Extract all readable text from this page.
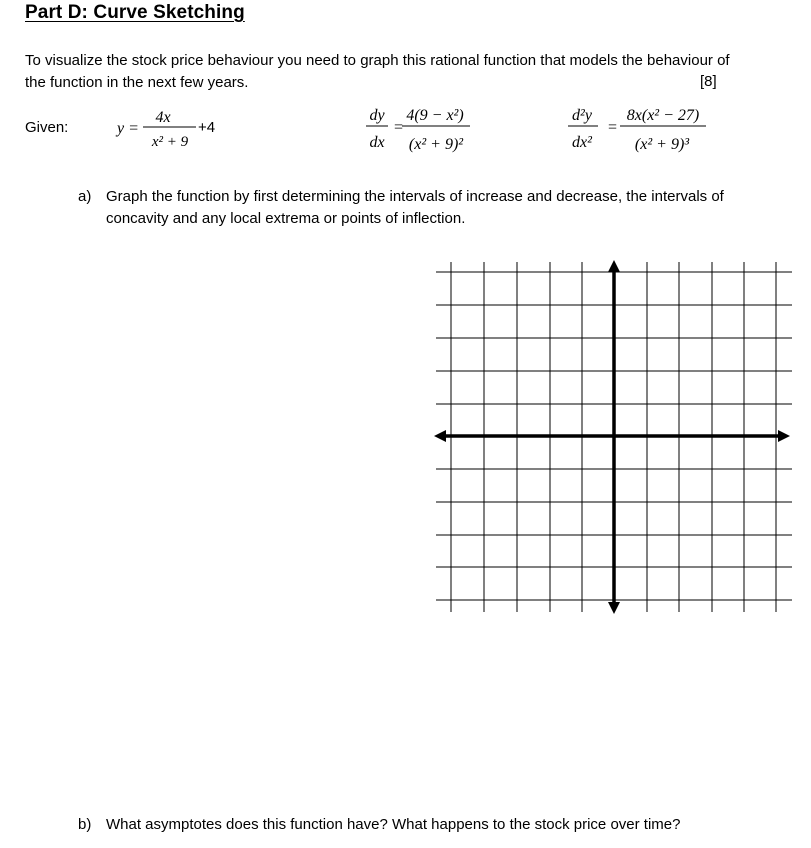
Part D: Curve Sketching
To visualize the stock price behaviour you need to graph this rational function that models the behaviour of
the function in the next few years.	[8]
Given:	y =
4x
x² + 9
+4
dy
dx
=
4(9 − x²)
(x² + 9)²
d²y
dx²
=
8x(x² − 27)
(x² + 9)³
a) Graph the function by first determining the intervals of increase and decrease, the intervals of
concavity and any local extrema or points of inflection.
b) What asymptotes does this function have? What happens to the stock price over time?
